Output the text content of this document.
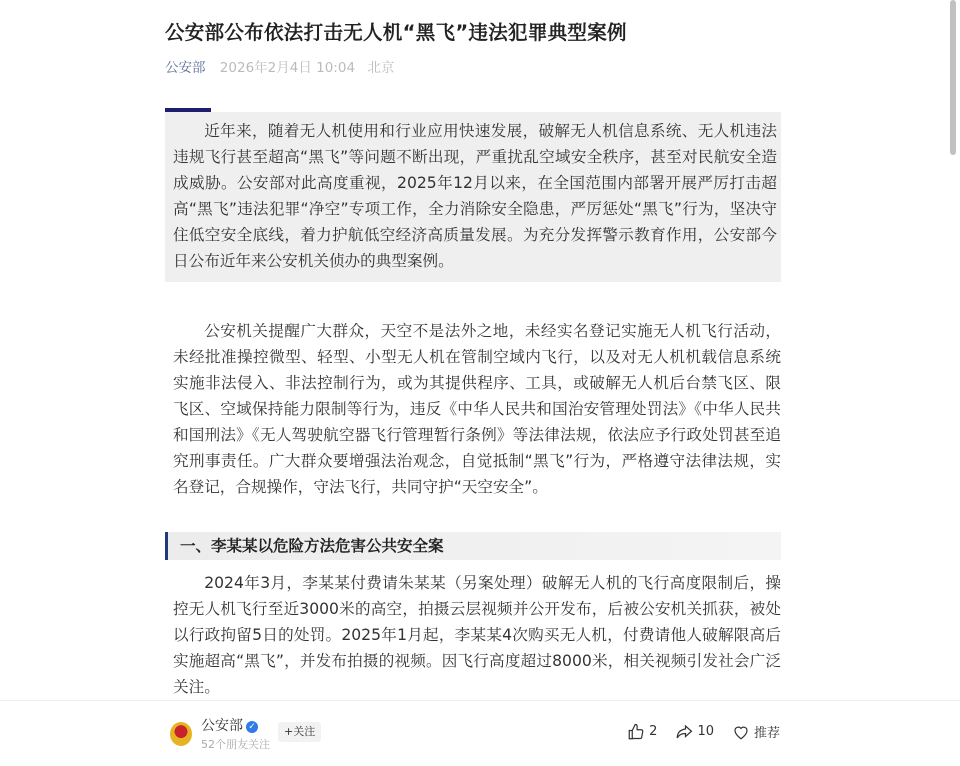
公安部公布依法打击无人机“黑飞”违法犯罪典型案例
公安部 2026年2月4日 10:04 北京

近年来，随着无人机使用和行业应用快速发展，破解无人机信息系统、无人机违法违规飞行甚至超高“黑飞”等问题不断出现，严重扰乱空域安全秩序，甚至对民航安全造成威胁。公安部对此高度重视，2025年12月以来，在全国范围内部署开展严厉打击超高“黑飞”违法犯罪“净空”专项工作，全力消除安全隐患，严厉惩处“黑飞”行为，坚决守住低空安全底线，着力护航低空经济高质量发展。为充分发挥警示教育作用，公安部今日公布近年来公安机关侦办的典型案例。

公安机关提醒广大群众，天空不是法外之地，未经实名登记实施无人机飞行活动，未经批准操控微型、轻型、小型无人机在管制空域内飞行，以及对无人机机载信息系统实施非法侵入、非法控制行为，或为其提供程序、工具，或破解无人机后台禁飞区、限飞区、空域保持能力限制等行为，违反《中华人民共和国治安管理处罚法》《中华人民共和国刑法》《无人驾驶航空器飞行管理暂行条例》等法律法规，依法应予行政处罚甚至追究刑事责任。广大群众要增强法治观念，自觉抵制“黑飞”行为，严格遵守法律法规，实名登记，合规操作，守法飞行，共同守护“天空安全”。

一、李某某以危险方法危害公共安全案

2024年3月，李某某付费请朱某某（另案处理）破解无人机的飞行高度限制后，操控无人机飞行至近3000米的高空，拍摄云层视频并公开发布，后被公安机关抓获，被处以行政拘留5日的处罚。2025年1月起，李某某4次购买无人机，付费请他人破解限高后实施超高“黑飞”，并发布拍摄的视频。因飞行高度超过8000米，相关视频引发社会广泛关注。

公安部 ✓
52个朋友关注
+关注	2	10	推荐
